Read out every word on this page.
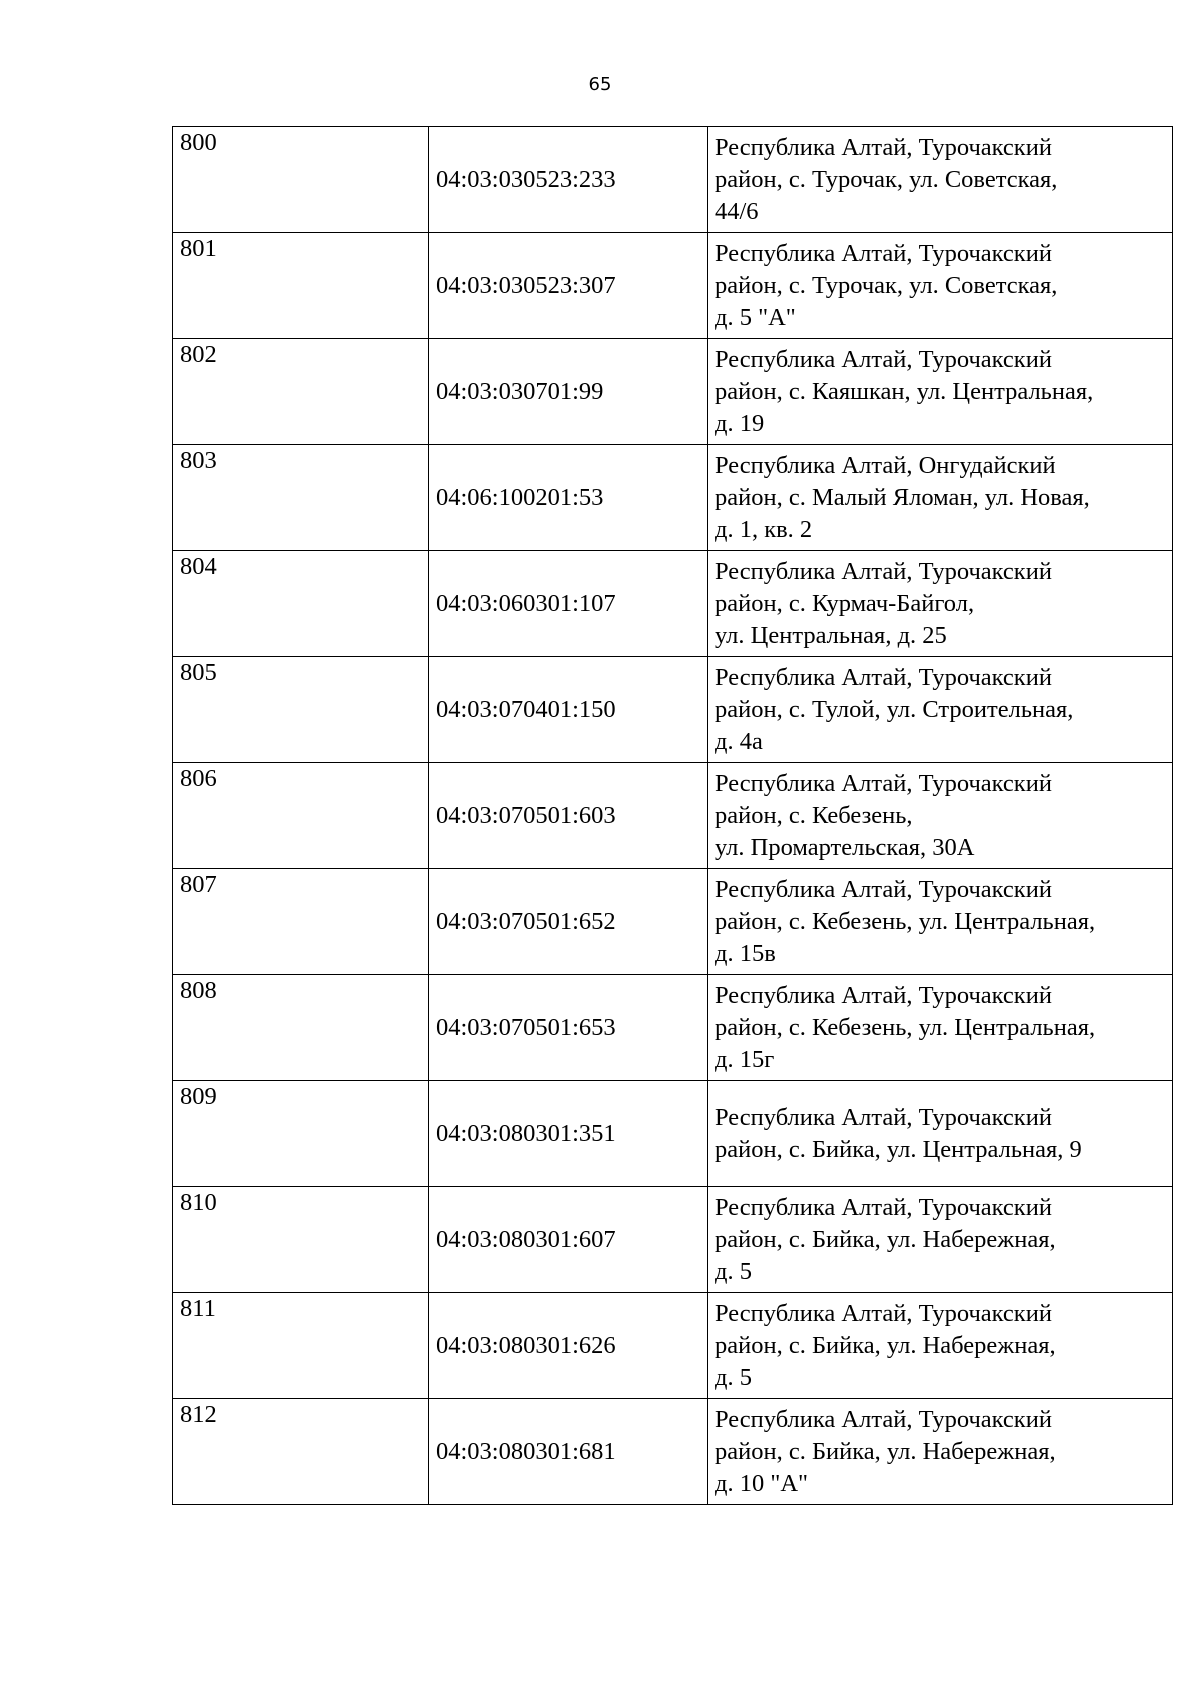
65
800	04:03:030523:233	Республика Алтай, Турочакский
район, с. Турочак, ул. Советская,
44/6
801	04:03:030523:307	Республика Алтай, Турочакский
район, с. Турочак, ул. Советская,
д. 5 "А"
802	04:03:030701:99	Республика Алтай, Турочакский
район, с. Каяшкан, ул. Центральная,
д. 19
803	04:06:100201:53	Республика Алтай, Онгудайский
район, с. Малый Яломан, ул. Новая,
д. 1, кв. 2
804	04:03:060301:107	Республика Алтай, Турочакский
район, с. Курмач-Байгол,
ул. Центральная, д. 25
805	04:03:070401:150	Республика Алтай, Турочакский
район, с. Тулой, ул. Строительная,
д. 4а
806	04:03:070501:603	Республика Алтай, Турочакский
район, с. Кебезень,
ул. Промартельская, 30А
807	04:03:070501:652	Республика Алтай, Турочакский
район, с. Кебезень, ул. Центральная,
д. 15в
808	04:03:070501:653	Республика Алтай, Турочакский
район, с. Кебезень, ул. Центральная,
д. 15г
809	04:03:080301:351	Республика Алтай, Турочакский
район, с. Бийка, ул. Центральная, 9
810	04:03:080301:607	Республика Алтай, Турочакский
район, с. Бийка, ул. Набережная,
д. 5
811	04:03:080301:626	Республика Алтай, Турочакский
район, с. Бийка, ул. Набережная,
д. 5
812	04:03:080301:681	Республика Алтай, Турочакский
район, с. Бийка, ул. Набережная,
д. 10 "А"
